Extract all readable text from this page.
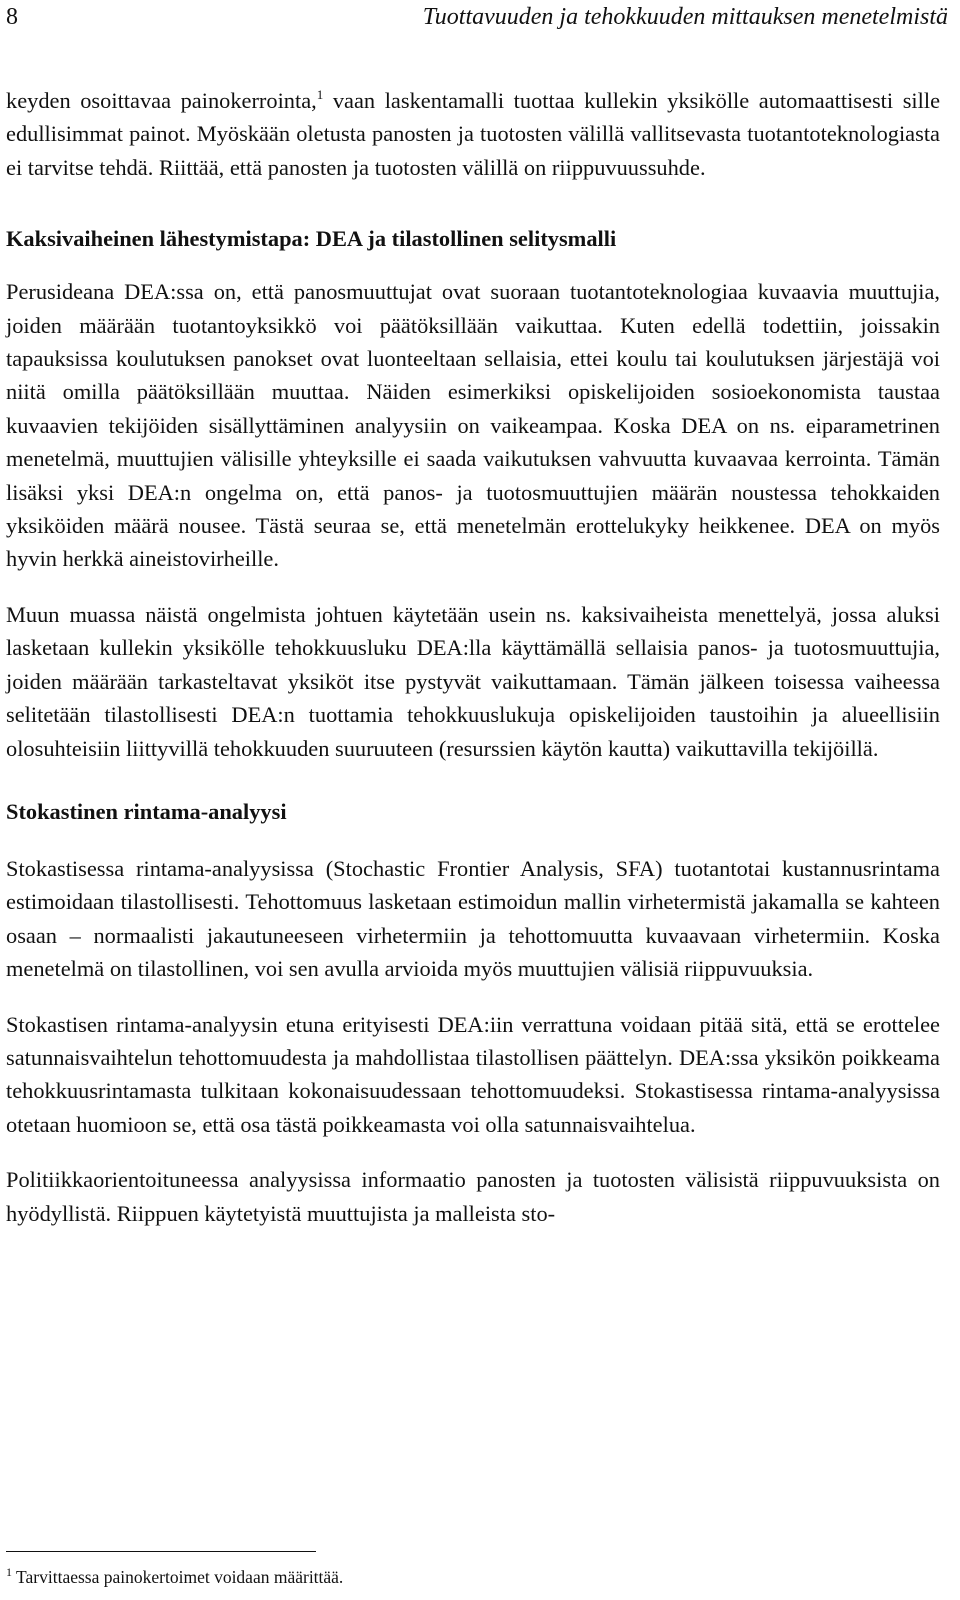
8	Tuottavuuden ja tehokkuuden mittauksen menetelmistä

keyden osoittavaa painokerrointa,$^1$ vaan laskentamalli tuottaa kullekin yksikölle automaattisesti sille edullisimmat painot. Myöskään oletusta panosten ja tuotosten välillä vallitsevasta tuotantoteknologiasta ei tarvitse tehdä. Riittää, että panosten ja tuotosten välillä on riippuvuussuhde.

Kaksivaiheinen lähestymistapa: DEA ja tilastollinen selitysmalli

Perusideana DEA:ssa on, että panosmuuttujat ovat suoraan tuotantoteknologiaa kuvaavia muuttujia, joiden määrään tuotantoyksikkö voi päätöksillään vaikuttaa. Kuten edellä todettiin, joissakin tapauksissa koulutuksen panokset ovat luonteeltaan sellaisia, ettei koulu tai koulutuksen järjestäjä voi niitä omilla päätöksillään muuttaa. Näiden esimerkiksi opiskelijoiden sosioekonomista taustaa kuvaavien tekijöiden sisällyttäminen analyysiin on vaikeampaa. Koska DEA on ns. eiparametrinen menetelmä, muuttujien välisille yhteyksille ei saada vaikutuksen vahvuutta kuvaavaa kerrointa. Tämän lisäksi yksi DEA:n ongelma on, että panos- ja tuotosmuuttujien määrän noustessa tehokkaiden yksiköiden määrä nousee. Tästä seuraa se, että menetelmän erottelukyky heikkenee. DEA on myös hyvin herkkä aineistovirheille.

Muun muassa näistä ongelmista johtuen käytetään usein ns. kaksivaiheista menettelyä, jossa aluksi lasketaan kullekin yksikölle tehokkuusluku DEA:lla käyttämällä sellaisia panos- ja tuotosmuuttujia, joiden määrään tarkasteltavat yksiköt itse pystyvät vaikuttamaan. Tämän jälkeen toisessa vaiheessa selitetään tilastollisesti DEA:n tuottamia tehokkuuslukuja opiskelijoiden taustoihin ja alueellisiin olosuhteisiin liittyvillä tehokkuuden suuruuteen (resurssien käytön kautta) vaikuttavilla tekijöillä.

Stokastinen rintama-analyysi

Stokastisessa rintama-analyysissa (Stochastic Frontier Analysis, SFA) tuotantotai kustannusrintama estimoidaan tilastollisesti. Tehottomuus lasketaan estimoidun mallin virhetermistä jakamalla se kahteen osaan – normaalisti jakautuneeseen virhetermiin ja tehottomuutta kuvaavaan virhetermiin. Koska menetelmä on tilastollinen, voi sen avulla arvioida myös muuttujien välisiä riippuvuuksia.

Stokastisen rintama-analyysin etuna erityisesti DEA:iin verrattuna voidaan pitää sitä, että se erottelee satunnaisvaihtelun tehottomuudesta ja mahdollistaa tilastollisen päättelyn. DEA:ssa yksikön poikkeama tehokkuusrintamasta tulkitaan kokonaisuudessaan tehottomuudeksi. Stokastisessa rintama-analyysissa otetaan huomioon se, että osa tästä poikkeamasta voi olla satunnaisvaihtelua.

Politiikkaorientoituneessa analyysissa informaatio panosten ja tuotosten välisistä riippuvuuksista on hyödyllistä. Riippuen käytetyistä muuttujista ja malleista sto-

$^1$ Tarvittaessa painokertoimet voidaan määrittää.
